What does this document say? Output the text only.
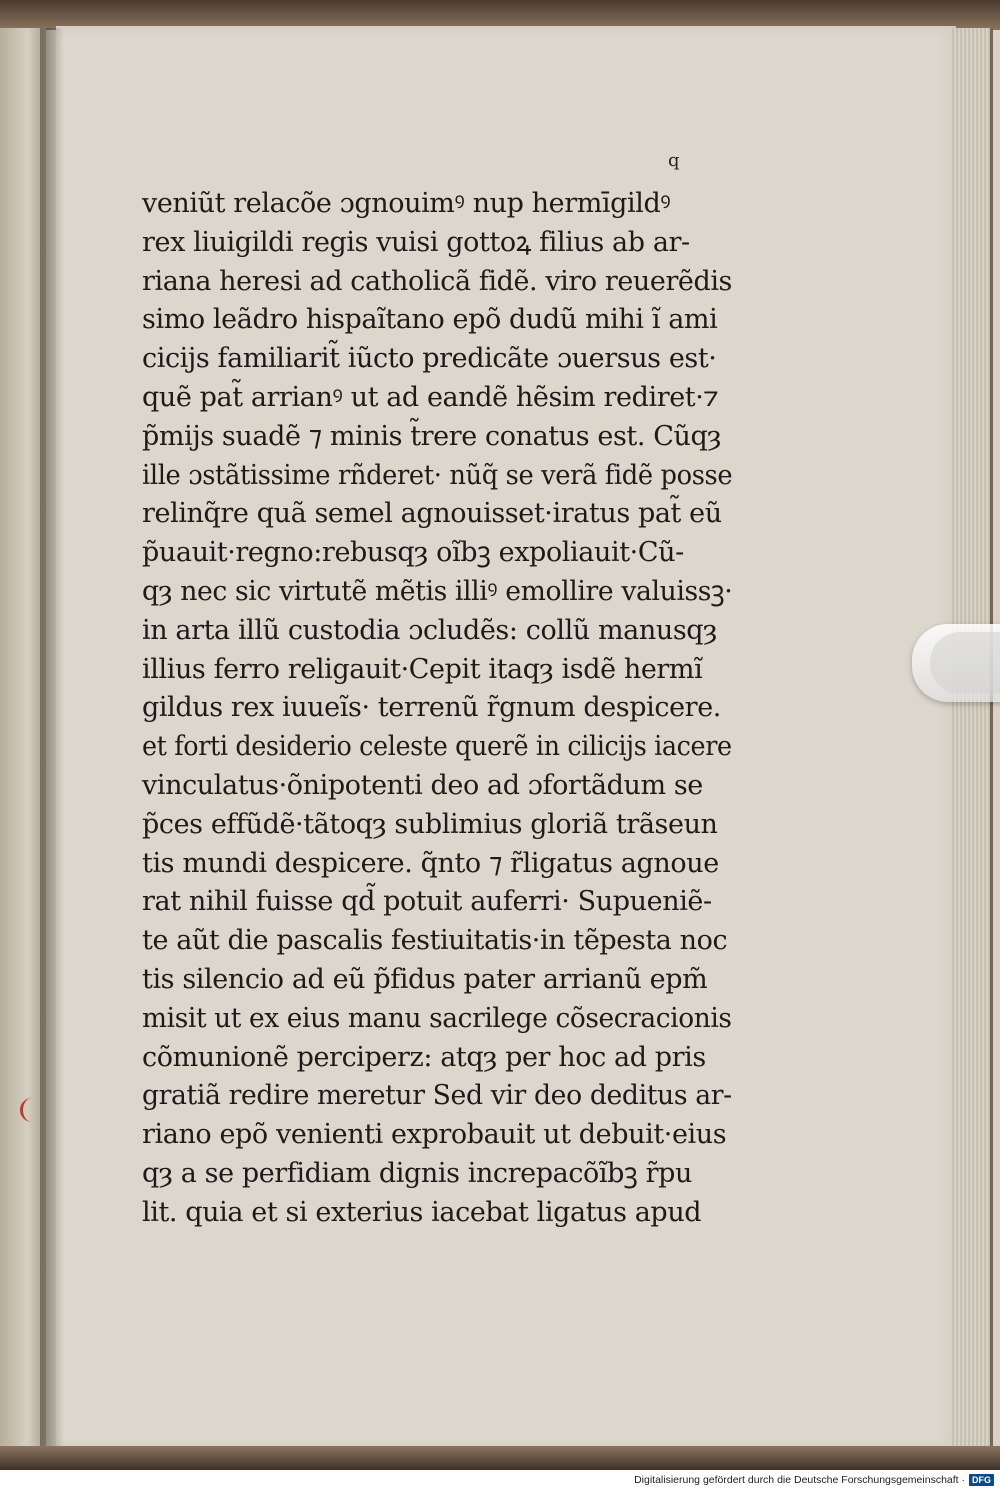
q
veniũt relacõe ɔgnouimꝰ nup hermīgildꝰ
rex liuigildi regis vuisi gottoꝝ filius ab ar‑
riana heresi ad catholicã fidẽ. viro reuerẽdis
simo leãdro hispaĩtano epõ dudũ mihi ĩ ami
cicijs familiarit̃ iũcto predicãte ɔuersus est·
quẽ pat̃ arrianꝰ ut ad eandẽ hẽsim rediret·⁊
p̃mijs suadẽ ⁊ minis t̃rere conatus est. Cũqȝ
ille ɔstãtissime rñderet· nũq̃ se verã fidẽ posse
relinq̃re quã semel agnouisset·iratus pat̃ eũ
p̃uauit·regno:rebusqȝ oĩbꝫ expoliauit·Cũ‑
qȝ nec sic virtutẽ mẽtis illiꝰ emollire valuissꝫ·
in arta illũ custodia ɔcludẽs: collũ manusqȝ
illius ferro religauit·Cepit itaqȝ isdẽ hermĩ
gildus rex iuueĩs· terrenũ r̃gnum despicere.
et forti desiderio celeste querẽ in cilicijs iacere
vinculatus·õnipotenti deo ad ɔfortãdum se
p̃ces effũdẽ·tãtoqȝ sublimius gloriã trãseun
tis mundi despicere. q̃nto ⁊ r̃ligatus agnoue
rat nihil fuisse qd̃ potuit auferri· Supueniẽ‑
te aũt die pascalis festiuitatis·in tẽpesta noc
tis silencio ad eũ p̃fidus pater arrianũ epm̃
misit ut ex eius manu sacrilege cõsecracionis
cõmunionẽ perciperz: atqȝ per hoc ad pris
gratiã redire meretur Sed vir deo deditus ar‑
riano epõ venienti exprobauit ut debuit·eius
qȝ a se perfidiam dignis increpacõĩbꝫ r̃pu
lit. quia et si exterius iacebat ligatus apud
Digitalisierung gefördert durch die Deutsche Forschungsgemeinschaft · DFG
